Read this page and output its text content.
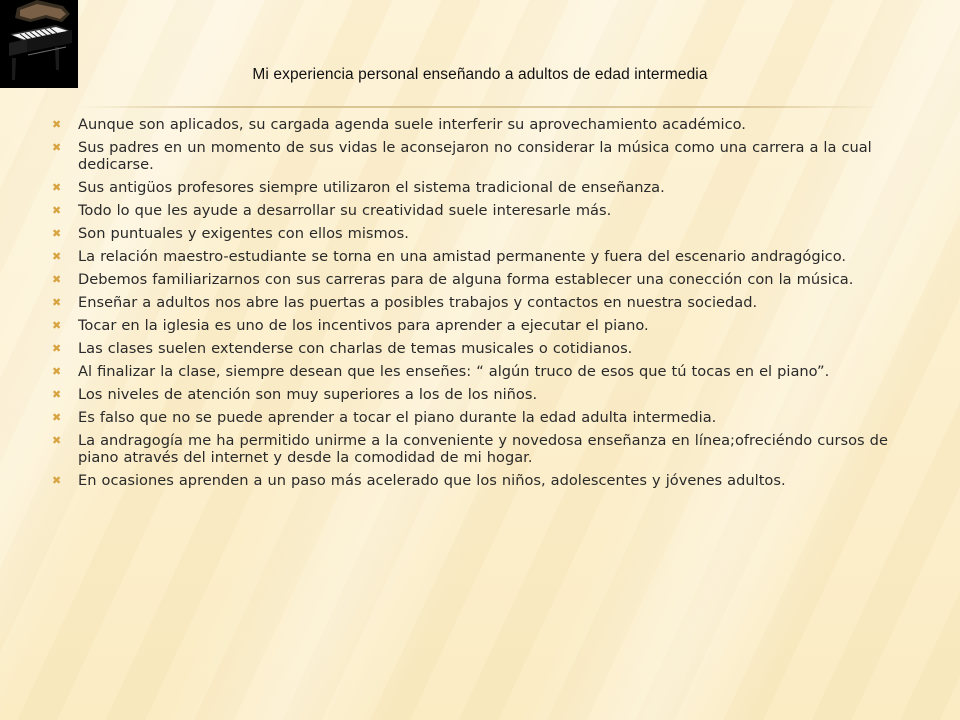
Mi experiencia personal enseñando a adultos de edad intermedia
✖	Aunque son aplicados, su cargada agenda suele interferir su aprovechamiento académico.
✖	Sus padres en un momento de sus vidas le aconsejaron no considerar la música como una carrera a la cual dedicarse.
✖	Sus antigüos profesores siempre utilizaron el sistema tradicional de enseñanza.
✖	Todo lo que les ayude a desarrollar su creatividad suele interesarle más.
✖	Son puntuales y exigentes con ellos mismos.
✖	La relación maestro-estudiante se torna en una amistad permanente y fuera del escenario andragógico.
✖	Debemos familiarizarnos con sus carreras para de alguna forma establecer una conección con la música.
✖	Enseñar a adultos nos abre las puertas a posibles trabajos y contactos en nuestra sociedad.
✖	Tocar en la iglesia es uno de los incentivos para aprender a ejecutar el piano.
✖	Las clases suelen extenderse con charlas de temas musicales o cotidianos.
✖	Al finalizar la clase, siempre desean que les enseñes: “ algún truco de esos que tú tocas en el piano”.
✖	Los niveles de atención son muy superiores a los de los niños.
✖	Es falso que no se puede aprender a tocar el piano durante la edad adulta intermedia.
✖	La andragogía me ha permitido unirme a la conveniente y novedosa enseñanza en línea;ofreciéndo cursos de piano através del internet y desde la comodidad de mi hogar.
✖	En ocasiones aprenden a un paso más acelerado que los niños, adolescentes y jóvenes adultos.
